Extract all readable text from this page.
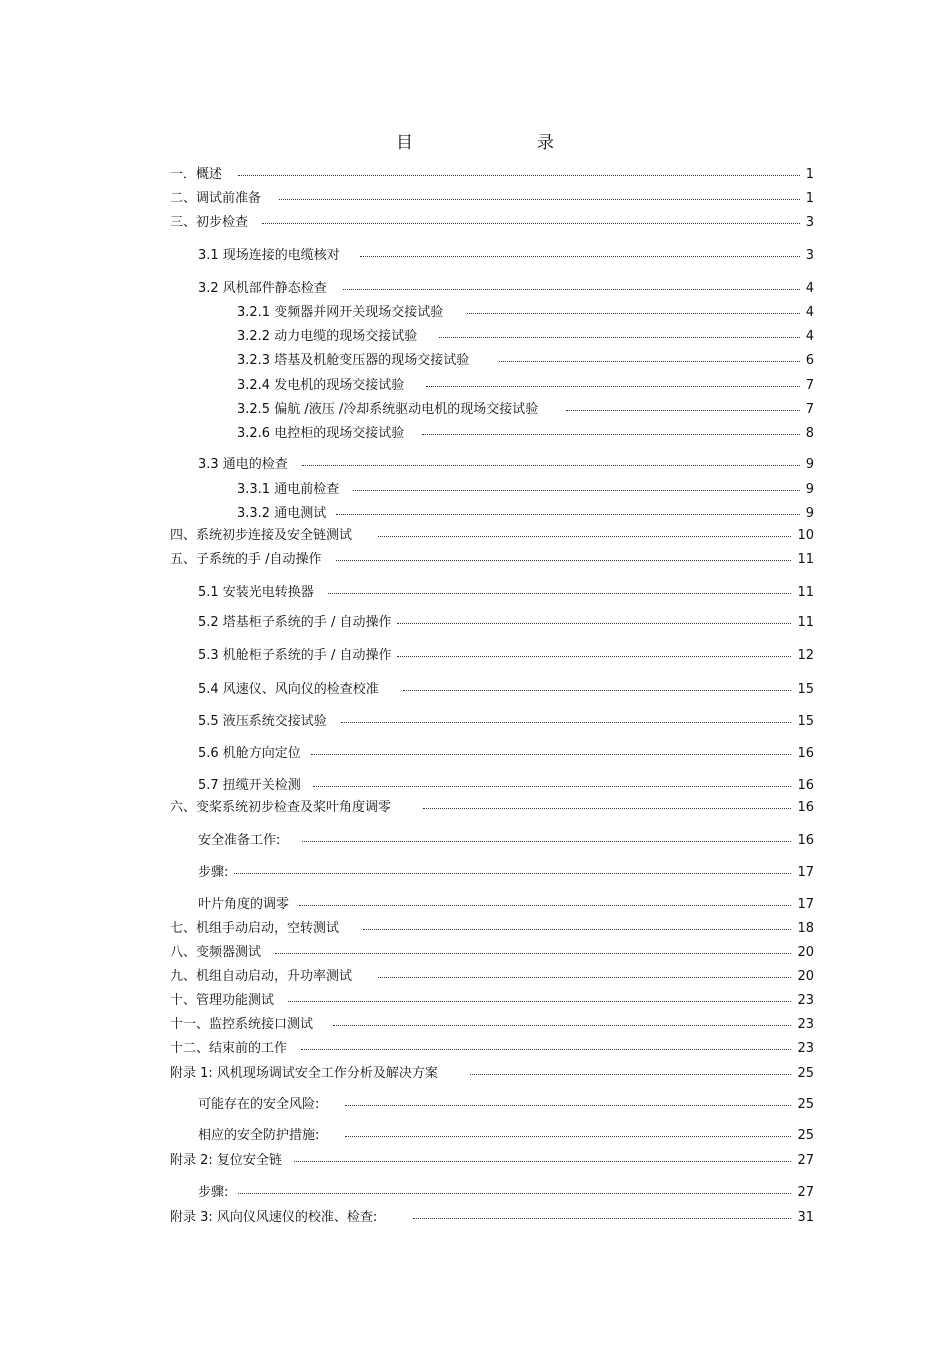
目　　录
一．概述	1
二、调试前准备	1
三、初步检查	3
3.1 现场连接的电缆核对	3
3.2 风机部件静态检查	4
3.2.1 变频器并网开关现场交接试验	4
3.2.2 动力电缆的现场交接试验	4
3.2.3 塔基及机舱变压器的现场交接试验	6
3.2.4 发电机的现场交接试验	7
3.2.5 偏航 /液压 /冷却系统驱动电机的现场交接试验	7
3.2.6 电控柜的现场交接试验	8
3.3 通电的检查	9
3.3.1 通电前检查	9
3.3.2 通电测试	9
四、系统初步连接及安全链测试	10
五、子系统的手 /自动操作	11
5.1 安装光电转换器	11
5.2 塔基柜子系统的手 / 自动操作	11
5.3 机舱柜子系统的手 / 自动操作	12
5.4 风速仪、风向仪的检查校准	15
5.5 液压系统交接试验	15
5.6 机舱方向定位	16
5.7 扭缆开关检测	16
六、变桨系统初步检查及桨叶角度调零	16
安全准备工作:	16
步骤:	17
叶片角度的调零	17
七、机组手动启动，空转测试	18
八、变频器测试	20
九、机组自动启动，升功率测试	20
十、管理功能测试	23
十一、监控系统接口测试	23
十二、结束前的工作	23
附录 1: 风机现场调试安全工作分析及解决方案	25
可能存在的安全风险:	25
相应的安全防护措施:	25
附录 2: 复位安全链	27
步骤:	27
附录 3: 风向仪风速仪的校准、检查:	31
